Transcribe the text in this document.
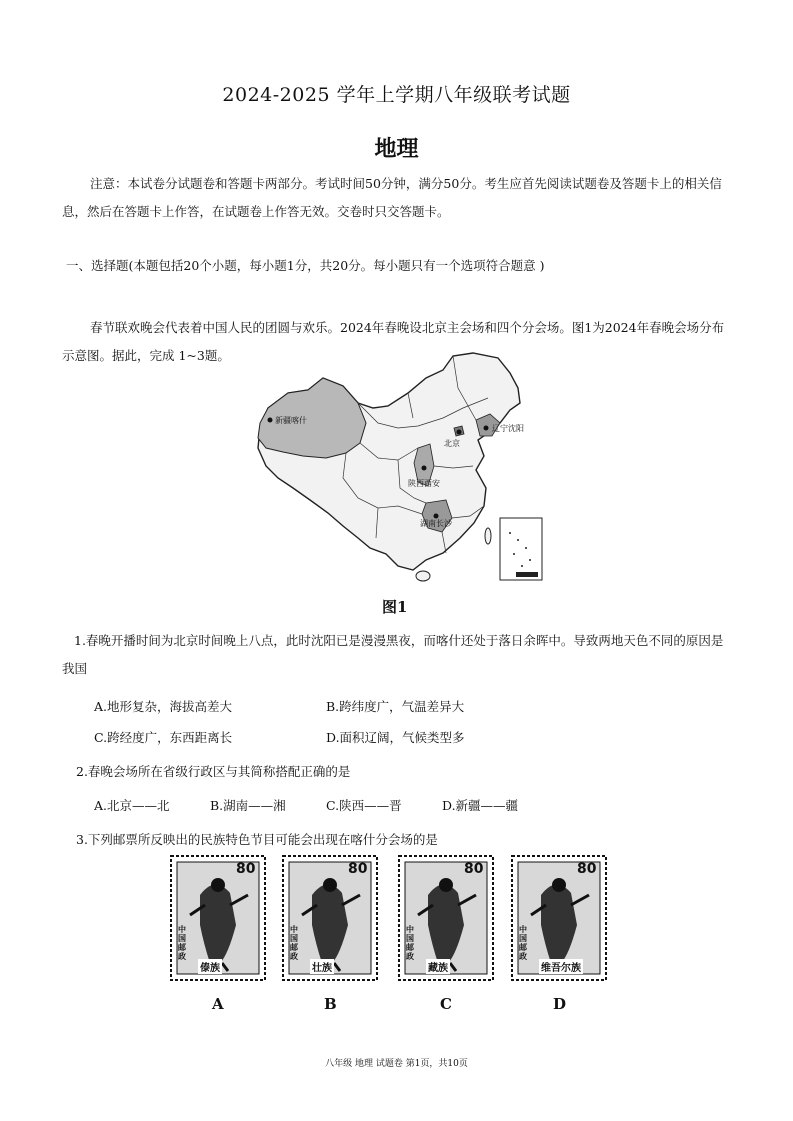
2024-2025 学年上学期八年级联考试题
地理
注意：本试卷分试题卷和答题卡两部分。考试时间50分钟，满分50分。考生应首先阅读试题卷及答题卡上的相关信息，然后在答题卡上作答，在试题卷上作答无效。交卷时只交答题卡。
一、选择题(本题包括20个小题，每小题1分，共20分。每小题只有一个选项符合题意 )
春节联欢晚会代表着中国人民的团圆与欢乐。2024年春晚设北京主会场和四个分会场。图1为2024年春晚会场分布示意图。据此，完成 1~3题。
新疆喀什
辽宁沈阳
北京
陕西西安
湖南长沙
图1
1.春晚开播时间为北京时间晚上八点，此时沈阳已是漫漫黑夜，而喀什还处于落日余晖中。导致两地天色不同的原因是我国
A.地形复杂，海拔高差大	B.跨纬度广，气温差异大
C.跨经度广，东西距离长	D.面积辽阔，气候类型多
2.春晚会场所在省级行政区与其简称搭配正确的是
A.北京——北	B.湖南——湘	C.陕西——晋	D.新疆——疆
3.下列邮票所反映出的民族特色节目可能会出现在喀什分会场的是
80
中国邮政
傣族
A
80
中国邮政
壮族
B
80
中国邮政
藏族
C
80
中国邮政
维吾尔族
D
八年级 地理 试题卷 第1页，共10页
